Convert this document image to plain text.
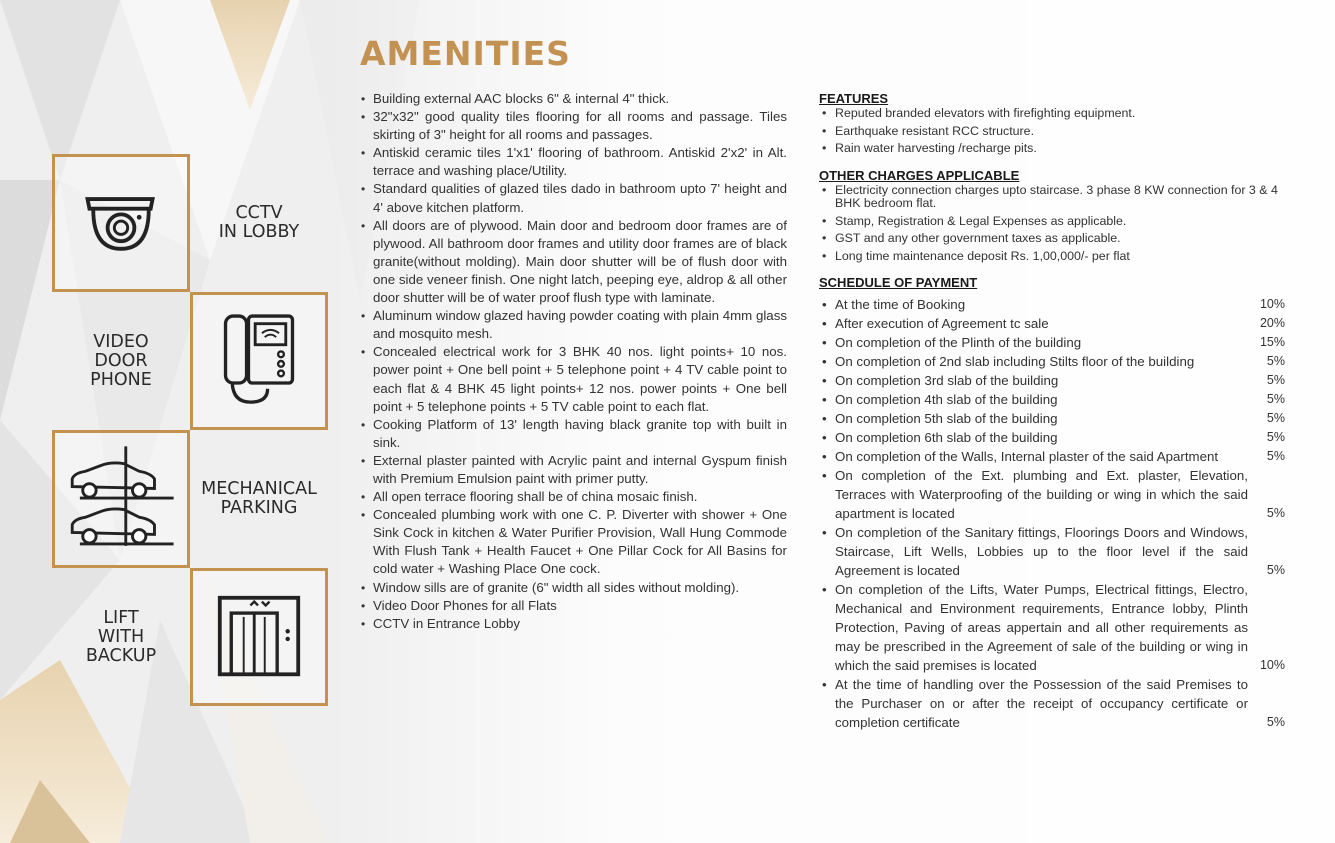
AMENITIES
CCTV
IN LOBBY
VIDEO
DOOR
PHONE
MECHANICAL
PARKING
LIFT
WITH
BACKUP
• Building external AAC blocks 6" & internal 4" thick.
• 32"x32" good quality tiles flooring for all rooms and passage. Tiles skirting of 3" height for all rooms and passages.
• Antiskid ceramic tiles 1'x1' flooring of bathroom. Antiskid 2'x2' in Alt. terrace and washing place/Utility.
• Standard qualities of glazed tiles dado in bathroom upto 7' height and 4' above kitchen platform.
• All doors are of plywood. Main door and bedroom door frames are of plywood. All bathroom door frames and utility door frames are of black granite(without molding). Main door shutter will be of flush door with one side veneer finish. One night latch, peeping eye, aldrop & all other door shutter will be of water proof flush type with laminate.
• Aluminum window glazed having powder coating with plain 4mm glass and mosquito mesh.
• Concealed electrical work for 3 BHK 40 nos. light points+ 10 nos. power point + One bell point + 5 telephone point + 4 TV cable point to each flat & 4 BHK 45 light points+ 12 nos. power points + One bell point + 5 telephone points + 5 TV cable point to each flat.
• Cooking Platform of 13' length having black granite top with built in sink.
• External plaster painted with Acrylic paint and internal Gyspum finish with Premium Emulsion paint with primer putty.
• All open terrace flooring shall be of china mosaic finish.
• Concealed plumbing work with one C. P. Diverter with shower + One Sink Cock in kitchen & Water Purifier Provision, Wall Hung Commode With Flush Tank + Health Faucet + One Pillar Cock for All Basins for cold water + Washing Place One cock.
• Window sills are of granite (6" width all sides without molding).
• Video Door Phones for all Flats
• CCTV in Entrance Lobby
FEATURES
• Reputed branded elevators with firefighting equipment.
• Earthquake resistant RCC structure.
• Rain water harvesting /recharge pits.
OTHER CHARGES APPLICABLE
• Electricity connection charges upto staircase. 3 phase 8 KW connection for 3 & 4 BHK bedroom flat.
• Stamp, Registration & Legal Expenses as applicable.
• GST and any other government taxes as applicable.
• Long time maintenance deposit Rs. 1,00,000/- per flat
SCHEDULE OF PAYMENT
• At the time of Booking	10%
• After execution of Agreement tc sale	20%
• On completion of the Plinth of the building	15%
• On completion of 2nd slab including Stilts floor of the building	5%
• On completion 3rd slab of the building	5%
• On completion 4th slab of the building	5%
• On completion 5th slab of the building	5%
• On completion 6th slab of the building	5%
• On completion of the Walls, Internal plaster of the said Apartment	5%
• On completion of the Ext. plumbing and Ext. plaster, Elevation, Terraces with Waterproofing of the building or wing in which the said apartment is located	5%
• On completion of the Sanitary fittings, Floorings Doors and Windows, Staircase, Lift Wells, Lobbies up to the floor level if the said Agreement is located	5%
• On completion of the Lifts, Water Pumps, Electrical fittings, Electro, Mechanical and Environment requirements, Entrance lobby, Plinth Protection, Paving of areas appertain and all other requirements as may be prescribed in the Agreement of sale of the building or wing in which the said premises is located	10%
• At the time of handling over the Possession of the said Premises to the Purchaser on or after the receipt of occupancy certificate or completion certificate	5%
